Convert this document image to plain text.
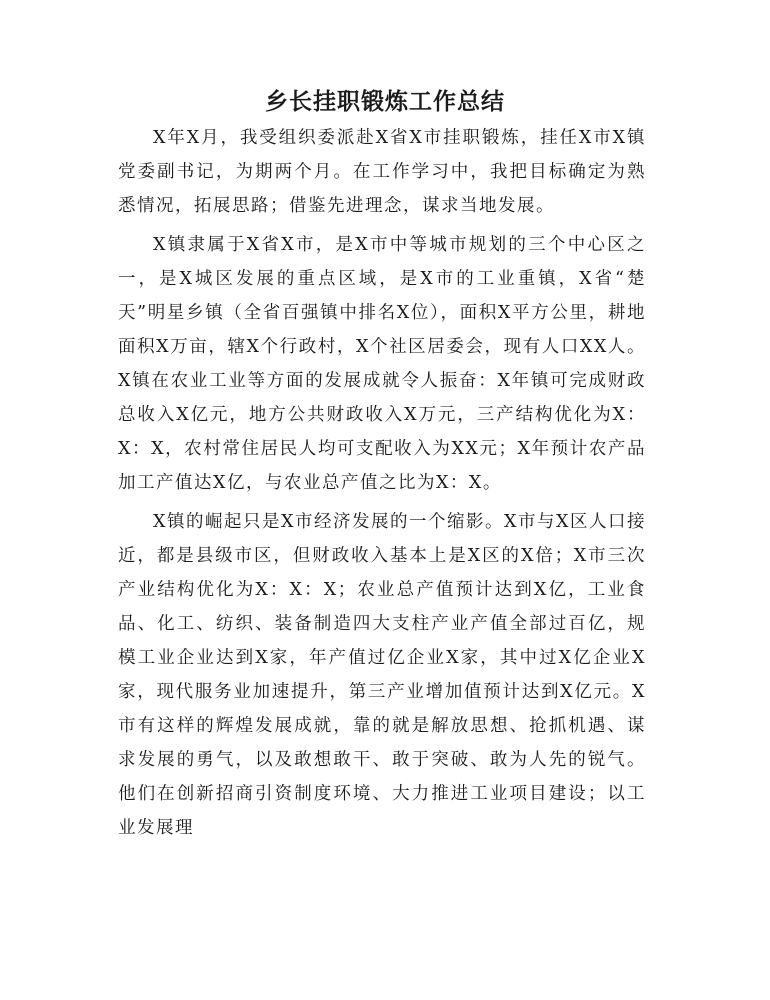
乡长挂职锻炼工作总结

X年X月，我受组织委派赴X省X市挂职锻炼，挂任X市X镇党委副书记，为期两个月。在工作学习中，我把目标确定为熟悉情况，拓展思路；借鉴先进理念，谋求当地发展。

X镇隶属于X省X市，是X市中等城市规划的三个中心区之一，是X城区发展的重点区域，是X市的工业重镇，X省“楚天”明星乡镇（全省百强镇中排名X位），面积X平方公里，耕地面积X万亩，辖X个行政村，X个社区居委会，现有人口XX人。X镇在农业工业等方面的发展成就令人振奋：X年镇可完成财政总收入X亿元，地方公共财政收入X万元，三产结构优化为X：X：X，农村常住居民人均可支配收入为XX元；X年预计农产品加工产值达X亿，与农业总产值之比为X：X。

X镇的崛起只是X市经济发展的一个缩影。X市与X区人口接近，都是县级市区，但财政收入基本上是X区的X倍；X市三次产业结构优化为X：X：X；农业总产值预计达到X亿，工业食品、化工、纺织、装备制造四大支柱产业产值全部过百亿，规模工业企业达到X家，年产值过亿企业X家，其中过X亿企业X家，现代服务业加速提升，第三产业增加值预计达到X亿元。X市有这样的辉煌发展成就，靠的就是解放思想、抢抓机遇、谋求发展的勇气，以及敢想敢干、敢于突破、敢为人先的锐气。他们在创新招商引资制度环境、大力推进工业项目建设；以工业发展理
